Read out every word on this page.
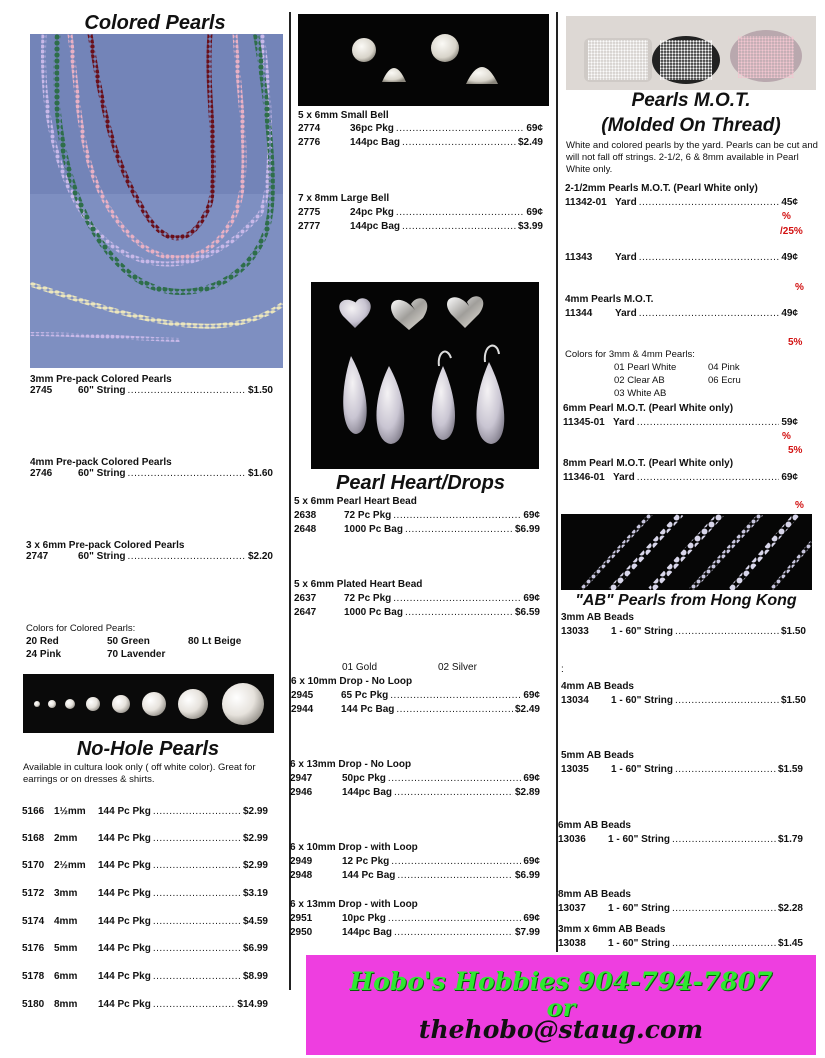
Colored Pearls
3mm Pre-pack Colored Pearls
2745	60" String .....	$1.50
4mm Pre-pack Colored Pearls
2746	60" String .....	$1.60
3 x 6mm Pre-pack Colored Pearls
2747	60" String .....	$2.20
Colors for Colored Pearls:
20 Red	50 Green	80 Lt Beige
24 Pink	70 Lavender
No-Hole Pearls
Available in cultura look only ( off white color). Great for earrings or on dresses & shirts.
5166 1½mm	144 Pc Pkg .....	$2.99
5168 2mm	144 Pc Pkg .....	$2.99
5170 2½mm	144 Pc Pkg .....	$2.99
5172 3mm	144 Pc Pkg .....	$3.19
5174 4mm	144 Pc Pkg .....	$4.59
5176 5mm	144 Pc Pkg .....	$6.99
5178 6mm	144 Pc Pkg .....	$8.99
5180 8mm	144 Pc Pkg .....	$14.99
5 x 6mm Small Bell
2774	36pc Pkg .....	69¢
2776	144pc Bag .....	$2.49
7 x 8mm Large Bell
2775	24pc Pkg .....	69¢
2777	144pc Bag .....	$3.99
Pearl Heart/Drops
5 x 6mm Pearl Heart Bead
2638	72 Pc Pkg .....	69¢
2648	1000 Pc Bag .....	$6.99
5 x 6mm Plated Heart Bead
2637	72 Pc Pkg .....	69¢
2647	1000 Pc Bag .....	$6.59
01 Gold	02 Silver
6 x 10mm Drop - No Loop
2945	65 Pc Pkg .....	69¢
2944	144 Pc Bag .....	$2.49
6 x 13mm Drop - No Loop
2947	50pc Pkg .....	69¢
2946	144pc Bag .....	$2.89
6 x 10mm Drop - with Loop
2949	12 Pc Pkg .....	69¢
2948	144 Pc Bag .....	$6.99
6 x 13mm Drop - with Loop
2951	10pc Pkg .....	69¢
2950	144pc Bag .....	$7.99
Pearls M.O.T.
(Molded On Thread)
White and colored pearls by the yard. Pearls can be cut and will not fall off strings. 2-1/2, 6 & 8mm available in Pearl White only.
2-1/2mm Pearls M.O.T. (Pearl White only)
11342-01 Yard .....	45¢
%
/25%
11343	Yard .....	49¢
%
4mm Pearls M.O.T.
11344	Yard .....	49¢
5%
Colors for 3mm & 4mm Pearls:
01 Pearl White	04 Pink
02 Clear AB	06 Ecru
03 White AB
6mm Pearl M.O.T. (Pearl White only)
11345-01 Yard .....	59¢
%
5%
8mm Pearl M.O.T. (Pearl White only)
11346-01 Yard .....	69¢
%
"AB" Pearls from Hong Kong
3mm AB Beads
13033	1 - 60" String .....	$1.50
:
4mm AB Beads
13034	1 - 60" String .....	$1.50
5mm AB Beads
13035	1 - 60" String .....	$1.59
6mm AB Beads
13036	1 - 60" String .....	$1.79
8mm AB Beads
13037	1 - 60" String .....	$2.28
3mm x 6mm AB Beads
13038	1 - 60" String .....	$1.45
Hobo's Hobbies 904-794-7807
or
thehobo@staug.com
